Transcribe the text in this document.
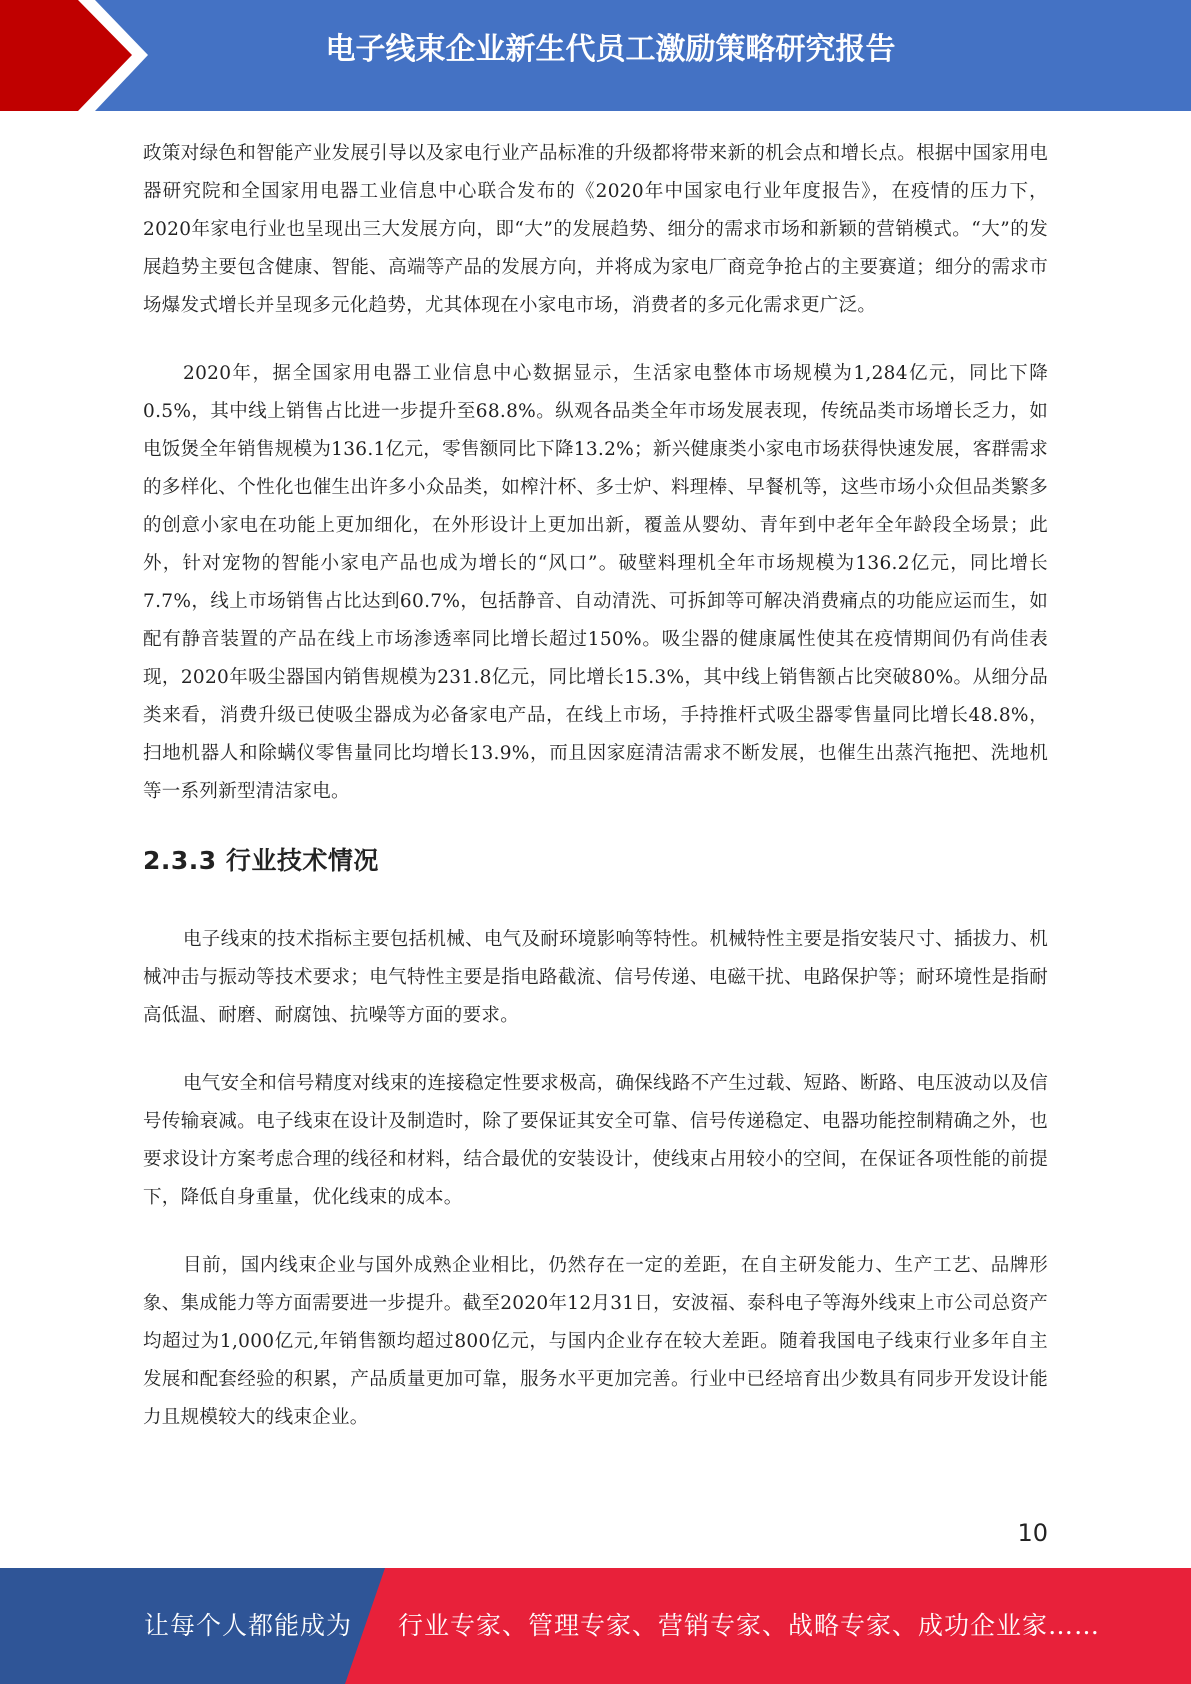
电子线束企业新生代员工激励策略研究报告

政策对绿色和智能产业发展引导以及家电行业产品标准的升级都将带来新的机会点和增长点。根据中国家用电器研究院和全国家用电器工业信息中心联合发布的《2020年中国家电行业年度报告》，在疫情的压力下，2020年家电行业也呈现出三大发展方向，即“大”的发展趋势、细分的需求市场和新颖的营销模式。“大”的发展趋势主要包含健康、智能、高端等产品的发展方向，并将成为家电厂商竞争抢占的主要赛道；细分的需求市场爆发式增长并呈现多元化趋势，尤其体现在小家电市场，消费者的多元化需求更广泛。

2020年，据全国家用电器工业信息中心数据显示，生活家电整体市场规模为1,284亿元，同比下降0.5%，其中线上销售占比进一步提升至68.8%。纵观各品类全年市场发展表现，传统品类市场增长乏力，如电饭煲全年销售规模为136.1亿元，零售额同比下降13.2%；新兴健康类小家电市场获得快速发展，客群需求的多样化、个性化也催生出许多小众品类，如榨汁杯、多士炉、料理棒、早餐机等，这些市场小众但品类繁多的创意小家电在功能上更加细化，在外形设计上更加出新，覆盖从婴幼、青年到中老年全年龄段全场景；此外，针对宠物的智能小家电产品也成为增长的“风口”。破壁料理机全年市场规模为136.2亿元，同比增长7.7%，线上市场销售占比达到60.7%，包括静音、自动清洗、可拆卸等可解决消费痛点的功能应运而生，如配有静音装置的产品在线上市场渗透率同比增长超过150%。吸尘器的健康属性使其在疫情期间仍有尚佳表现，2020年吸尘器国内销售规模为231.8亿元，同比增长15.3%，其中线上销售额占比突破80%。从细分品类来看，消费升级已使吸尘器成为必备家电产品，在线上市场，手持推杆式吸尘器零售量同比增长48.8%，扫地机器人和除螨仪零售量同比均增长13.9%，而且因家庭清洁需求不断发展，也催生出蒸汽拖把、洗地机等一系列新型清洁家电。

2.3.3 行业技术情况

电子线束的技术指标主要包括机械、电气及耐环境影响等特性。机械特性主要是指安装尺寸、插拔力、机械冲击与振动等技术要求；电气特性主要是指电路截流、信号传递、电磁干扰、电路保护等；耐环境性是指耐高低温、耐磨、耐腐蚀、抗噪等方面的要求。

电气安全和信号精度对线束的连接稳定性要求极高，确保线路不产生过载、短路、断路、电压波动以及信号传输衰减。电子线束在设计及制造时，除了要保证其安全可靠、信号传递稳定、电器功能控制精确之外，也要求设计方案考虑合理的线径和材料，结合最优的安装设计，使线束占用较小的空间，在保证各项性能的前提下，降低自身重量，优化线束的成本。

目前，国内线束企业与国外成熟企业相比，仍然存在一定的差距，在自主研发能力、生产工艺、品牌形象、集成能力等方面需要进一步提升。截至2020年12月31日，安波福、泰科电子等海外线束上市公司总资产均超过为1,000亿元,年销售额均超过800亿元，与国内企业存在较大差距。随着我国电子线束行业多年自主发展和配套经验的积累，产品质量更加可靠，服务水平更加完善。行业中已经培育出少数具有同步开发设计能力且规模较大的线束企业。

10
让每个人都能成为 行业专家、管理专家、营销专家、战略专家、成功企业家……
